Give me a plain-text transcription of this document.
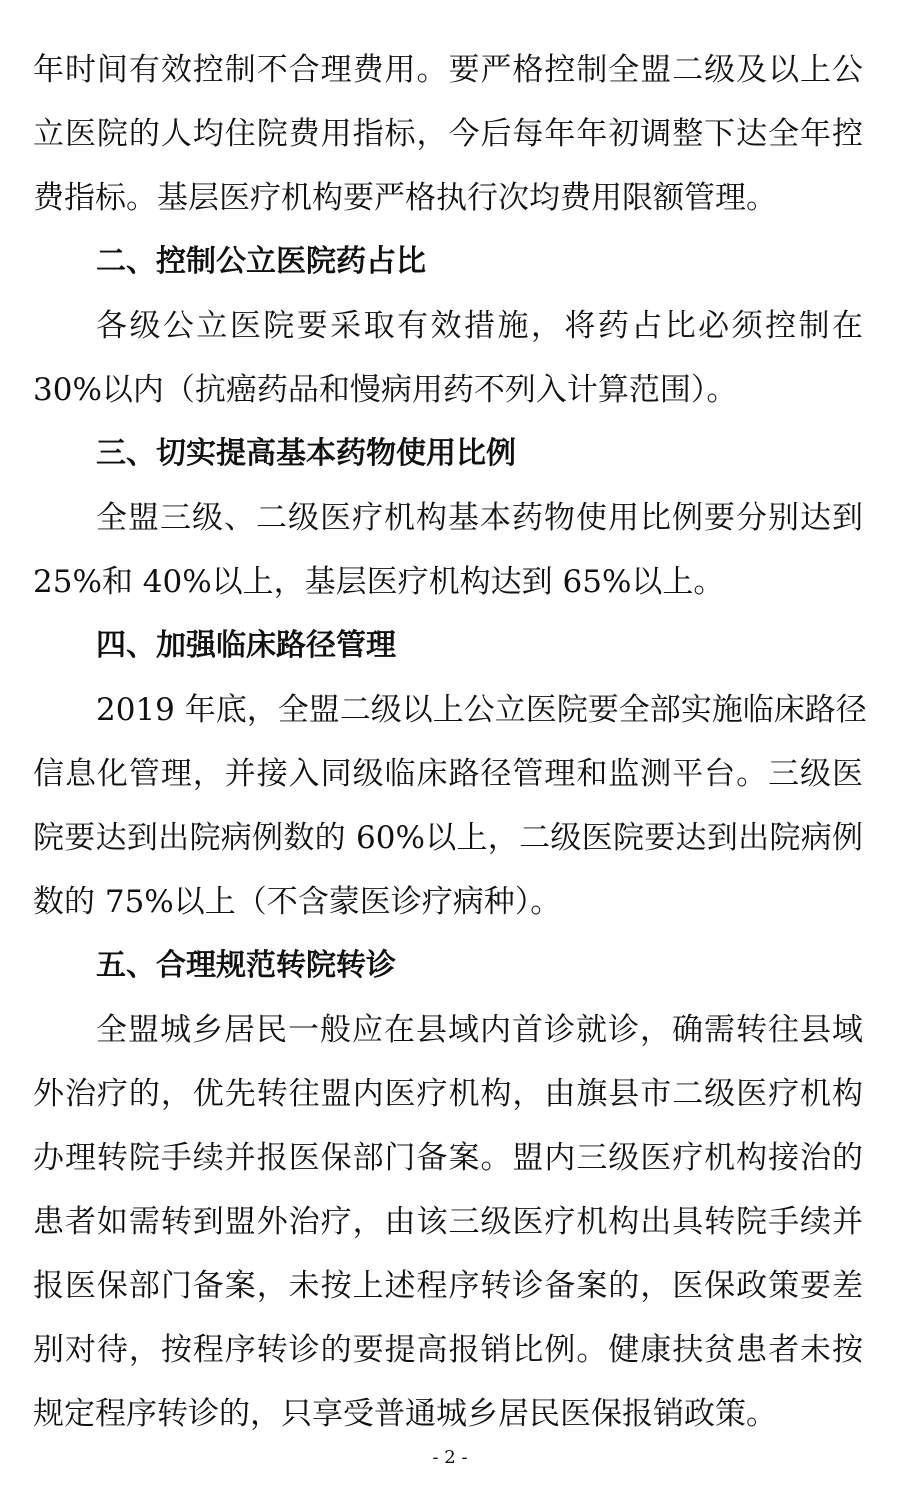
年时间有效控制不合理费用。要严格控制全盟二级及以上公
立医院的人均住院费用指标，今后每年年初调整下达全年控
费指标。基层医疗机构要严格执行次均费用限额管理。
二、控制公立医院药占比
各级公立医院要采取有效措施，将药占比必须控制在
30%以内（抗癌药品和慢病用药不列入计算范围）。
三、切实提高基本药物使用比例
全盟三级、二级医疗机构基本药物使用比例要分别达到
25%和 40%以上，基层医疗机构达到 65%以上。
四、加强临床路径管理
2019 年底，全盟二级以上公立医院要全部实施临床路径
信息化管理，并接入同级临床路径管理和监测平台。三级医
院要达到出院病例数的 60%以上，二级医院要达到出院病例
数的 75%以上（不含蒙医诊疗病种）。
五、合理规范转院转诊
全盟城乡居民一般应在县域内首诊就诊，确需转往县域
外治疗的，优先转往盟内医疗机构，由旗县市二级医疗机构
办理转院手续并报医保部门备案。盟内三级医疗机构接治的
患者如需转到盟外治疗，由该三级医疗机构出具转院手续并
报医保部门备案，未按上述程序转诊备案的，医保政策要差
别对待，按程序转诊的要提高报销比例。健康扶贫患者未按
规定程序转诊的，只享受普通城乡居民医保报销政策。
- 2 -
